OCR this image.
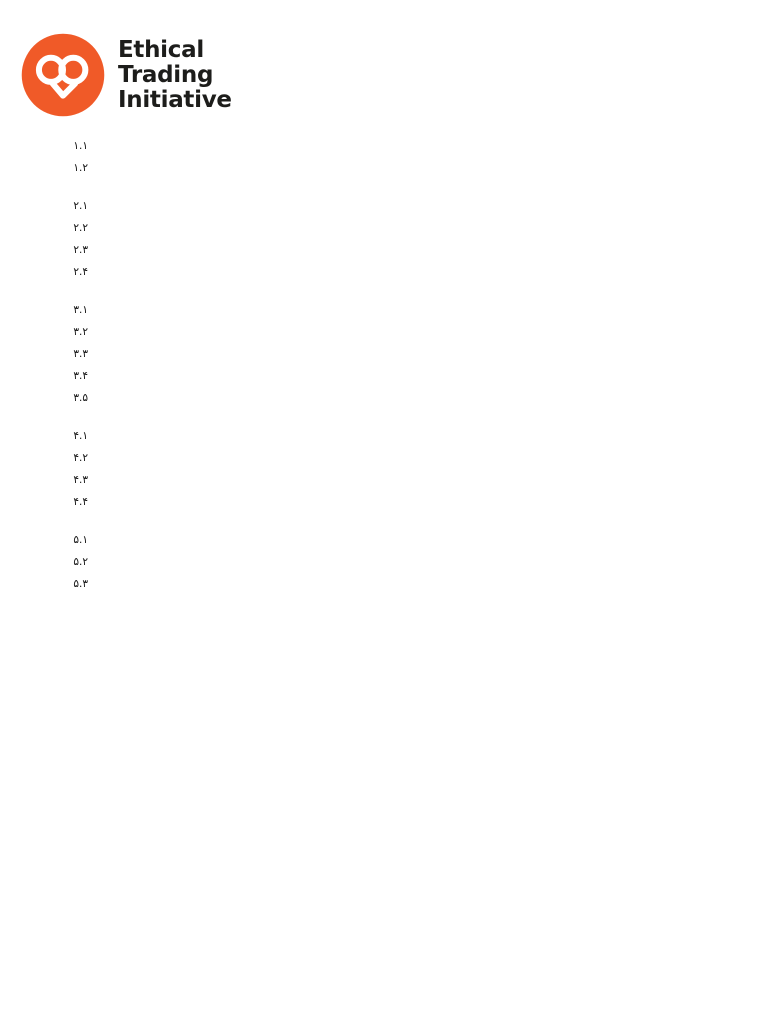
Ethical
Trading
Initiative

۱.۱
۱.۲
۲.۱
۲.۲
۲.۳
۲.۴
۳.۱
۳.۲
۳.۳
۳.۴
۳.۵
۴.۱
۴.۲
۴.۳
۴.۴
۵.۱
۵.۲
۵.۳
